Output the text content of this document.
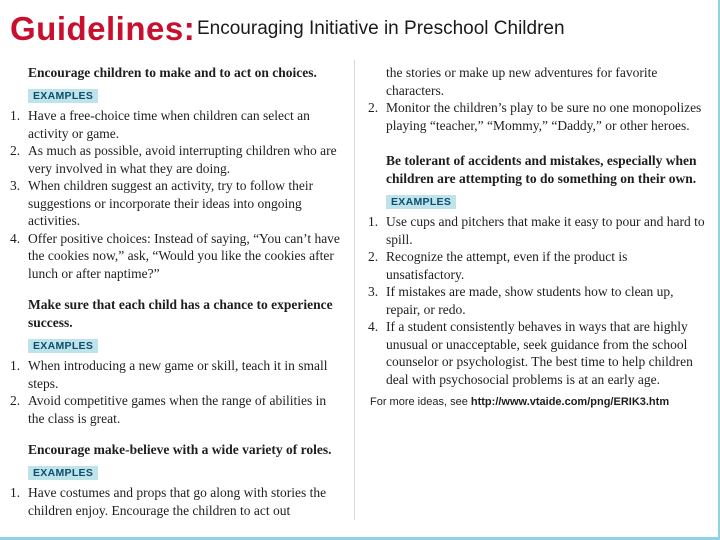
Guidelines: Encouraging Initiative in Preschool Children
Encourage children to make and to act on choices.
EXAMPLES
1. Have a free-choice time when children can select an activity or game.
2. As much as possible, avoid interrupting children who are very involved in what they are doing.
3. When children suggest an activity, try to follow their suggestions or incorporate their ideas into ongoing activities.
4. Offer positive choices: Instead of saying, “You can’t have the cookies now,” ask, “Would you like the cookies after lunch or after naptime?”
Make sure that each child has a chance to experience success.
EXAMPLES
1. When introducing a new game or skill, teach it in small steps.
2. Avoid competitive games when the range of abilities in the class is great.
Encourage make-believe with a wide variety of roles.
EXAMPLES
1. Have costumes and props that go along with stories the children enjoy. Encourage the children to act out
the stories or make up new adventures for favorite characters.
2. Monitor the children’s play to be sure no one monopolizes playing “teacher,” “Mommy,” “Daddy,” or other heroes.
Be tolerant of accidents and mistakes, especially when children are attempting to do something on their own.
EXAMPLES
1. Use cups and pitchers that make it easy to pour and hard to spill.
2. Recognize the attempt, even if the product is unsatisfactory.
3. If mistakes are made, show students how to clean up, repair, or redo.
4. If a student consistently behaves in ways that are highly unusual or unacceptable, seek guidance from the school counselor or psychologist. The best time to help children deal with psychosocial problems is at an early age.
For more ideas, see http://www.vtaide.com/png/ERIK3.htm
